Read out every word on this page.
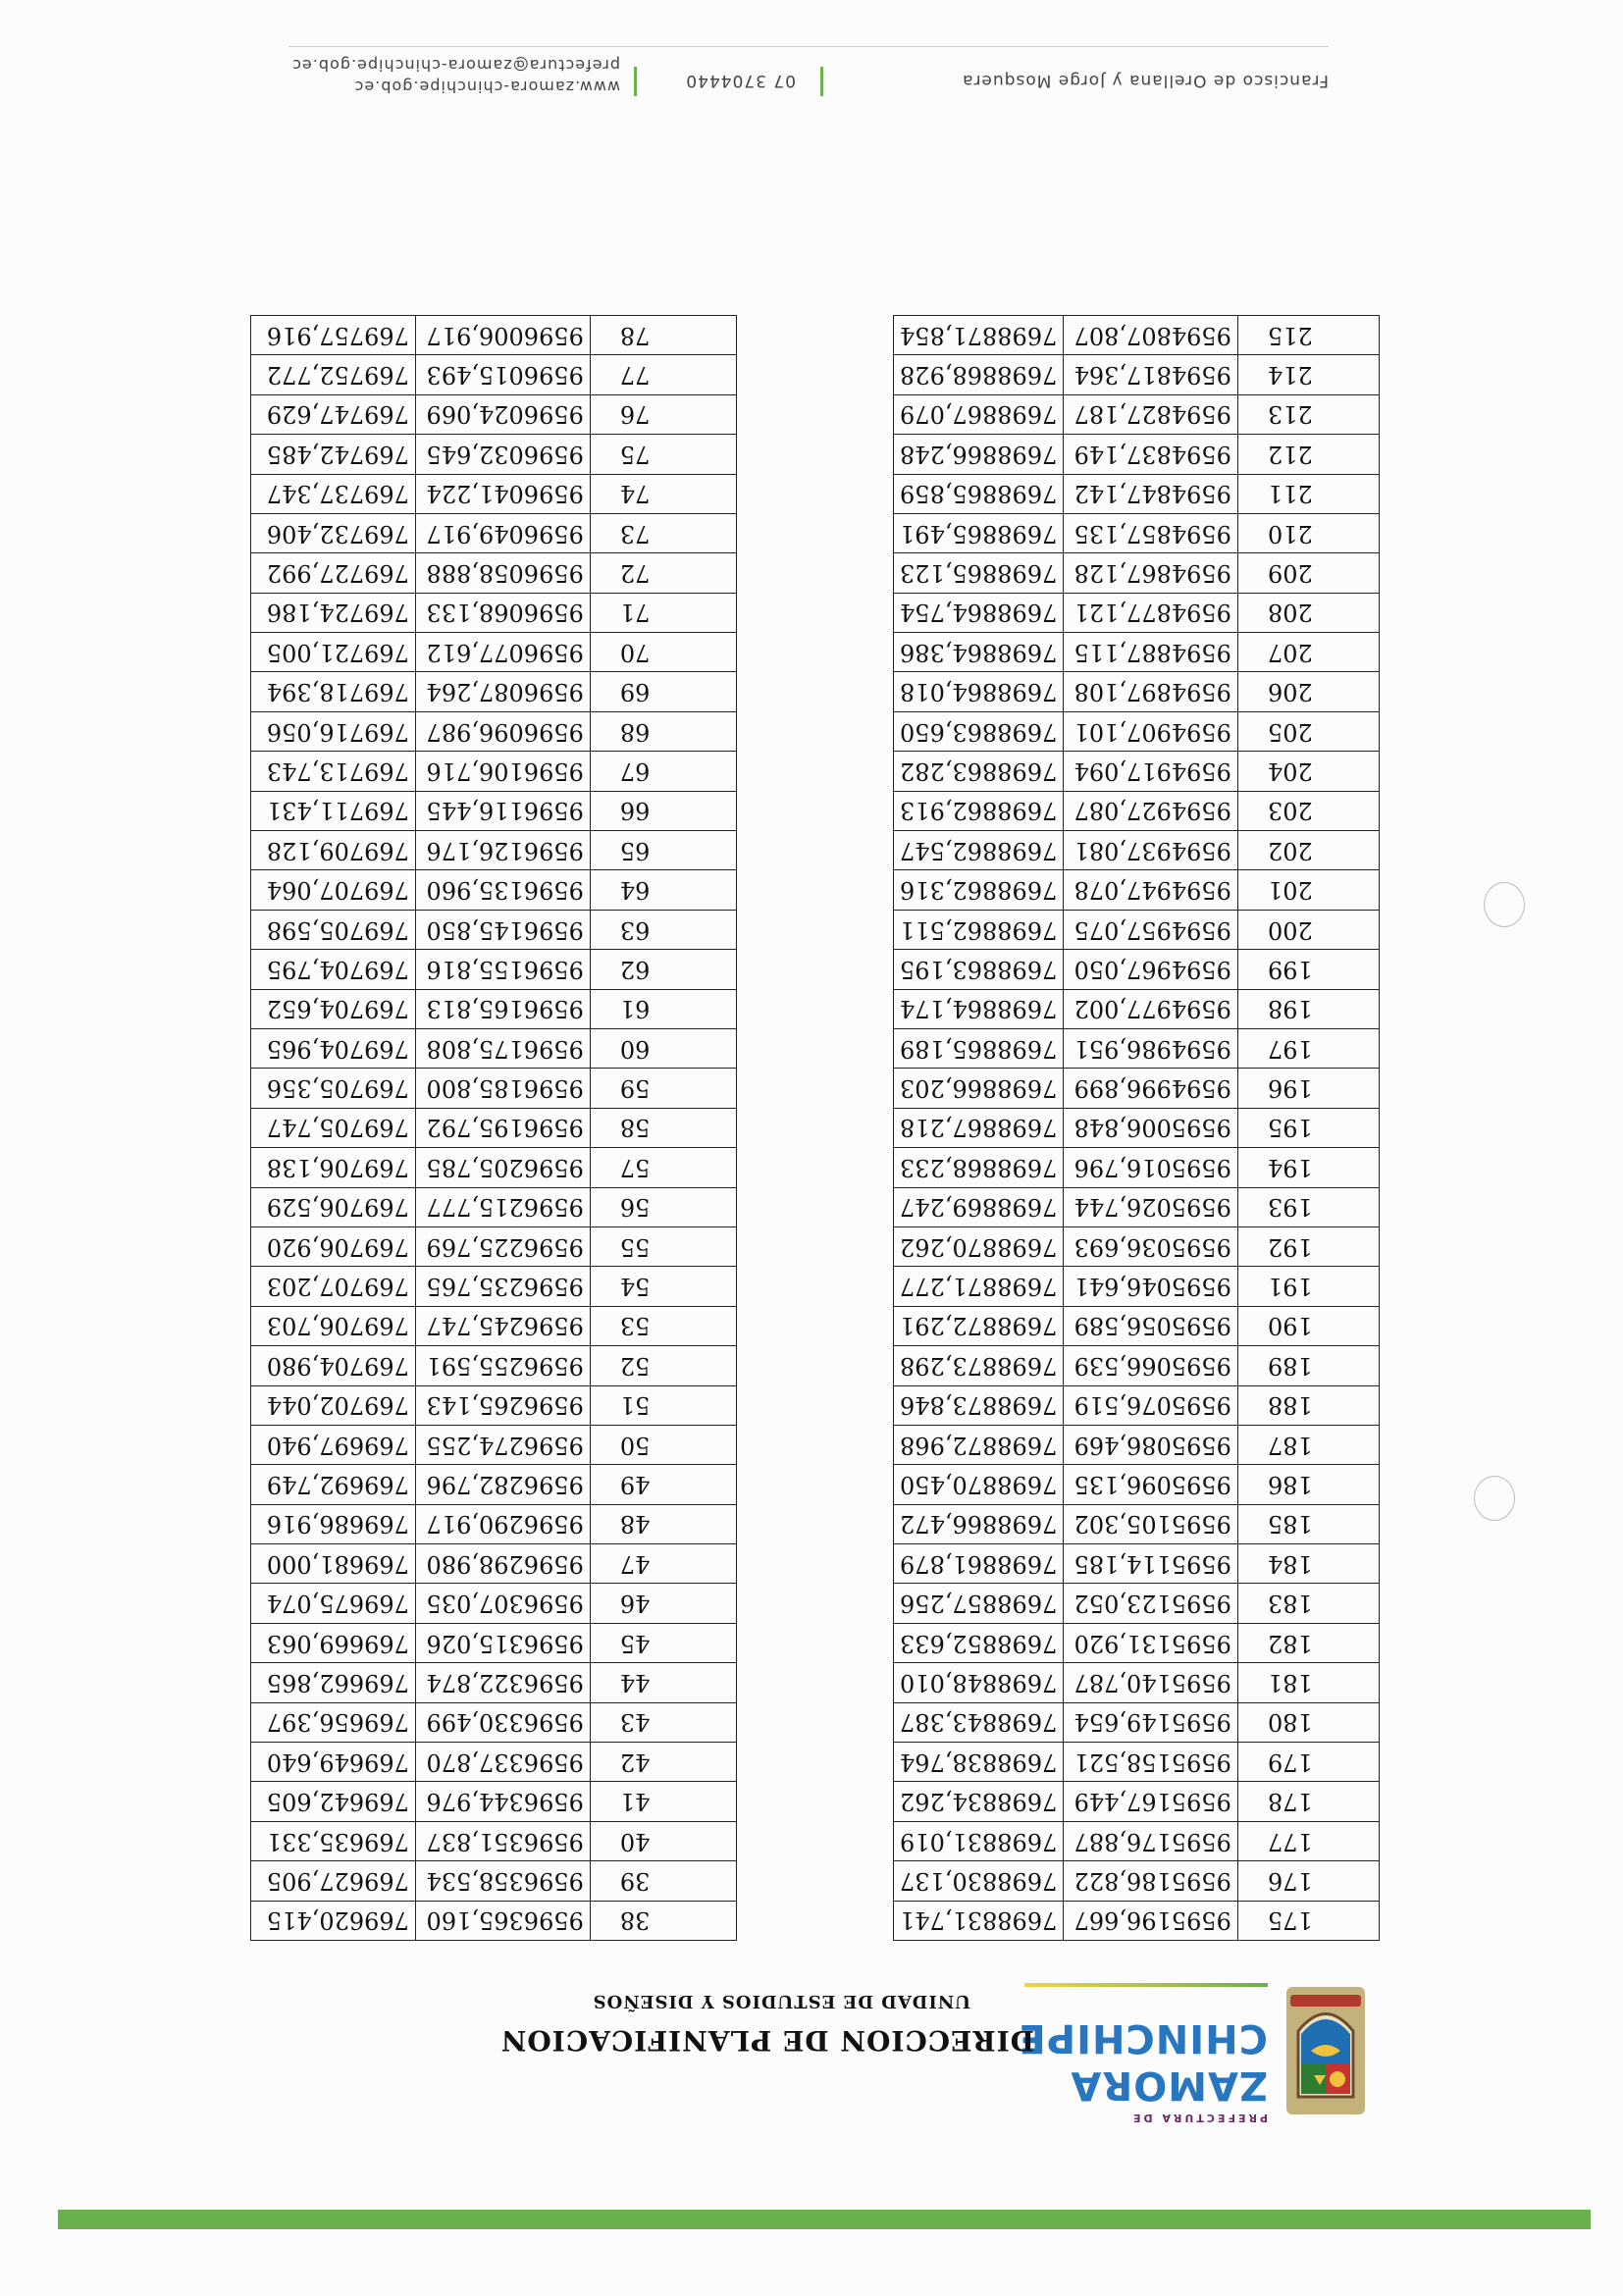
PREFECTURA DE
ZAMORA
CHINCHIPE
DIRECCION DE PLANIFICACION
UNIDAD DE ESTUDIOS Y DISEÑOS
175	9595196,667	7698831,741
176	9595186,822	7698830,137
177	9595176,887	7698831,019
178	9595167,449	7698834,262
179	9595158,521	7698838,764
180	9595149,654	7698843,387
181	9595140,787	7698848,010
182	9595131,920	7698852,633
183	9595123,052	7698857,256
184	9595114,185	7698861,879
185	9595105,302	7698866,472
186	9595096,135	7698870,450
187	9595086,469	7698872,968
188	9595076,519	7698873,846
189	9595066,539	7698873,298
190	9595056,589	7698872,291
191	9595046,641	7698871,277
192	9595036,693	7698870,262
193	9595026,744	7698869,247
194	9595016,796	7698868,233
195	9595006,848	7698867,218
196	9594996,899	7698866,203
197	9594986,951	7698865,189
198	9594977,002	7698864,174
199	9594967,050	7698863,195
200	9594957,075	7698862,511
201	9594947,078	7698862,316
202	9594937,081	7698862,547
203	9594927,087	7698862,913
204	9594917,094	7698863,282
205	9594907,101	7698863,650
206	9594897,108	7698864,018
207	9594887,115	7698864,386
208	9594877,121	7698864,754
209	9594867,128	7698865,123
210	9594857,135	7698865,491
211	9594847,142	7698865,859
212	9594837,149	7698866,248
213	9594827,187	7698867,079
214	9594817,364	7698868,928
215	9594807,807	7698871,854
38	9596365,160	769620,415
39	9596358,534	769627,905
40	9596351,837	769635,331
41	9596344,976	769642,605
42	9596337,870	769649,640
43	9596330,499	769656,397
44	9596322,874	769662,865
45	9596315,026	769669,063
46	9596307,035	769675,074
47	9596298,980	769681,000
48	9596290,917	769686,916
49	9596282,796	769692,749
50	9596274,255	769697,940
51	9596265,143	769702,044
52	9596255,591	769704,980
53	9596245,747	769706,703
54	9596235,765	769707,203
55	9596225,769	769706,920
56	9596215,777	769706,529
57	9596205,785	769706,138
58	9596195,792	769705,747
59	9596185,800	769705,356
60	9596175,808	769704,965
61	9596165,813	769704,652
62	9596155,816	769704,795
63	9596145,850	769705,598
64	9596135,960	769707,064
65	9596126,176	769709,128
66	9596116,445	769711,431
67	9596106,716	769713,743
68	9596096,987	769716,056
69	9596087,264	769718,394
70	9596077,612	769721,005
71	9596068,133	769724,186
72	9596058,888	769727,992
73	9596049,917	769732,406
74	9596041,224	769737,347
75	9596032,645	769742,485
76	9596024,069	769747,629
77	9596015,493	769752,772
78	9596006,917	769757,916
Francisco de Orellana y Jorge Mosquera
07 3704440
www.zamora-chinchipe.gob.ec
prefectura@zamora-chinchipe.gob.ec
